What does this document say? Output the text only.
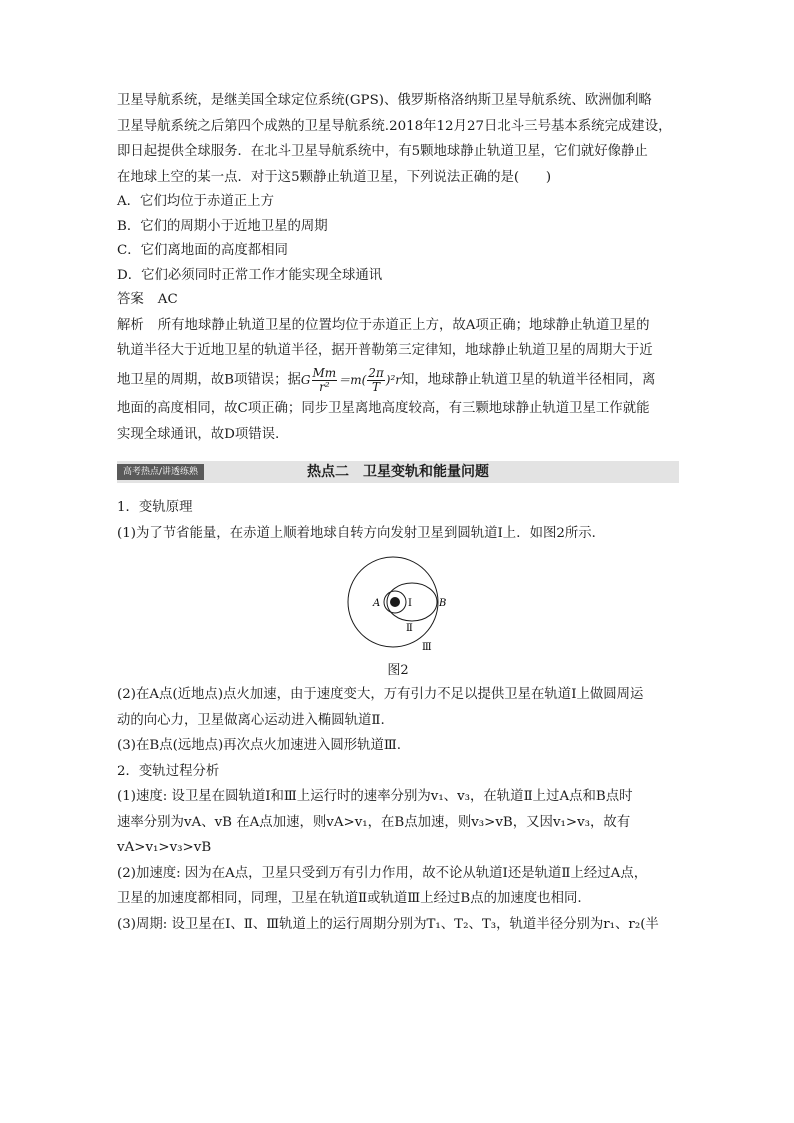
卫星导航系统，是继美国全球定位系统(GPS)、俄罗斯格洛纳斯卫星导航系统、欧洲伽利略

卫星导航系统之后第四个成熟的卫星导航系统.2018年12月27日北斗三号基本系统完成建设，

即日起提供全球服务．在北斗卫星导航系统中，有5颗地球静止轨道卫星，它们就好像静止

在地球上空的某一点．对于这5颗静止轨道卫星，下列说法正确的是(　　)

A．它们均位于赤道正上方

B．它们的周期小于近地卫星的周期

C．它们离地面的高度都相同

D．它们必须同时正常工作才能实现全球通讯

答案 AC

解析 所有地球静止轨道卫星的位置均位于赤道正上方，故A项正确；地球静止轨道卫星的

轨道半径大于近地卫星的轨道半径，据开普勒第三定律知，地球静止轨道卫星的周期大于近

地卫星的周期，故B项错误；据G $\frac{Mm}{\text{r²}} =m( \frac{2\pi}{T} )^2r$知，地球静止轨道卫星的轨道半径相同，离

地面的高度相同，故C项正确；同步卫星离地高度较高，有三颗地球静止轨道卫星工作就能

实现全球通讯，故D项错误.

高考热点/讲透练熟	热点二　卫星变轨和能量问题

1．变轨原理

(1)为了节省能量，在赤道上顺着地球自转方向发射卫星到圆轨道Ⅰ上．如图2所示．

A	Ⅰ	B
Ⅱ
Ⅲ

图2

(2)在A点(近地点)点火加速，由于速度变大，万有引力不足以提供卫星在轨道Ⅰ上做圆周运

动的向心力，卫星做离心运动进入椭圆轨道Ⅱ.

(3)在B点(远地点)再次点火加速进入圆形轨道Ⅲ.

2．变轨过程分析

(1)速度: 设卫星在圆轨道Ⅰ和Ⅲ上运行时的速率分别为v₁、v₃，在轨道Ⅱ上过A点和B点时

速率分别为vA、vB 在A点加速，则vA>v₁，在B点加速，则v₃>vB，又因v₁>v₃，故有

vA>v₁>v₃>vB

(2)加速度: 因为在A点，卫星只受到万有引力作用，故不论从轨道Ⅰ还是轨道Ⅱ上经过A点，

卫星的加速度都相同，同理，卫星在轨道Ⅱ或轨道Ⅲ上经过B点的加速度也相同.

(3)周期: 设卫星在Ⅰ、Ⅱ、Ⅲ轨道上的运行周期分别为T₁、T₂、T₃，轨道半径分别为r₁、r₂(半
